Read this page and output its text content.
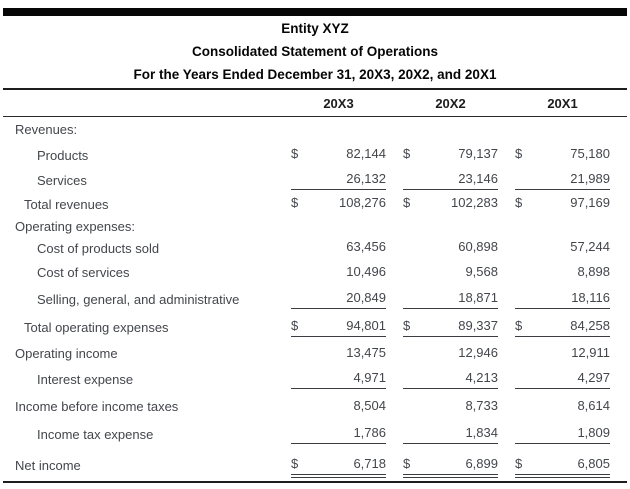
Entity XYZ
Consolidated Statement of Operations
For the Years Ended December 31, 20X3, 20X2, and 20X1

	20X3	20X2	20X1

Revenues:			
Products	$ 82,144	$ 79,137	$ 75,180

Services	26,132	23,146	21,989

Total revenues	$ 108,276	$ 102,283	$ 97,169

Operating expenses:			
Cost of products sold	63,456	60,898	57,244

Cost of services	10,496	9,568	8,898

Selling, general, and administrative	20,849	18,871	18,116

Total operating expenses	$ 94,801	$ 89,337	$ 84,258

Operating income	13,475	12,946	12,911

Interest expense	4,971	4,213	4,297

Income before income taxes	8,504	8,733	8,614

Income tax expense	1,786	1,834	1,809

Net income	$ 6,718	$ 6,899	$ 6,805
